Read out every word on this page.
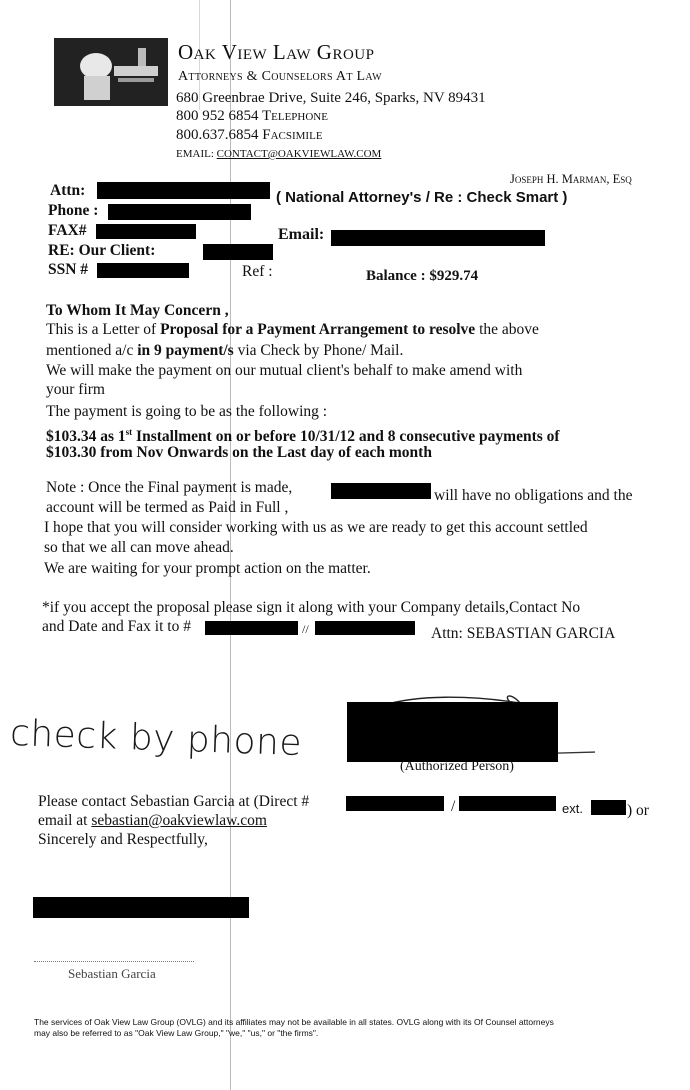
Oak View Law Group
Attorneys & Counselors At Law
680 Greenbrae Drive, Suite 246, Sparks, NV 89431
800 952 6854 Telephone
800.637.6854 Facsimile
EMAIL: CONTACT@OAKVIEWLAW.COM
Joseph H. Marman, Esq
Attn:	( National Attorney's / Re : Check Smart )
Phone :
FAX#	Email:
RE: Our Client:
SSN #	Ref :	Balance : $929.74
To Whom It May Concern ,
This is a Letter of Proposal for a Payment Arrangement to resolve the above
mentioned a/c in 9 payment/s via Check by Phone/ Mail.
We will make the payment on our mutual client's behalf to make amend with
your firm
The payment is going to be as the following :
$103.34 as 1st Installment on or before 10/31/12 and 8 consecutive payments of
$103.30 from Nov Onwards on the Last day of each month
Note : Once the Final payment is made,	will have no obligations and the
account will be termed as Paid in Full ,
I hope that you will consider working with us as we are ready to get this account settled
so that we all can move ahead.
We are waiting for your prompt action on the matter.
*if you accept the proposal please sign it along with your Company details,Contact No
and Date and Fax it to #	//	Attn: SEBASTIAN GARCIA
(Authorized Person)
check by phone
Please contact Sebastian Garcia at (Direct #	/	ext.	) or
email at sebastian@oakviewlaw.com
Sincerely and Respectfully,
Sebastian Garcia
The services of Oak View Law Group (OVLG) and its affiliates may not be available in all states. OVLG along with its Of Counsel attorneys
may also be referred to as "Oak View Law Group," "we," "us," or "the firms".
